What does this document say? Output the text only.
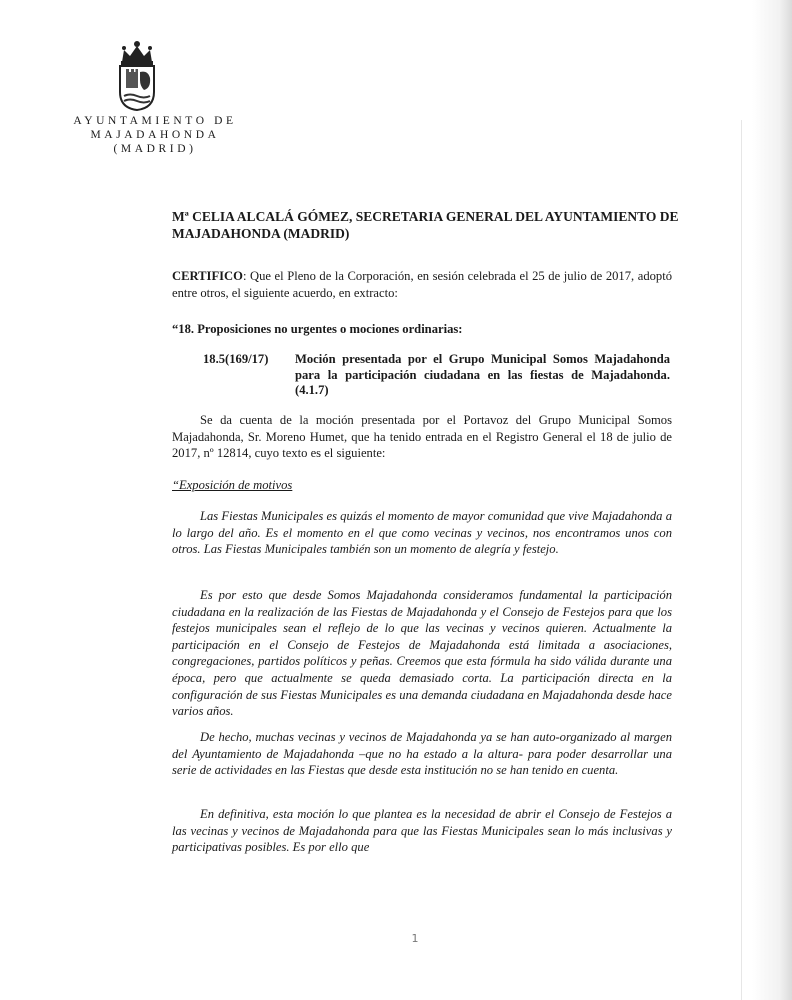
AYUNTAMIENTO DE
MAJADAHONDA
(MADRID)
Mª CELIA ALCALÁ GÓMEZ, SECRETARIA GENERAL DEL AYUNTAMIENTO DE MAJADAHONDA (MADRID)
CERTIFICO: Que el Pleno de la Corporación, en sesión celebrada el 25 de julio de 2017, adoptó entre otros, el siguiente acuerdo, en extracto:
“18. Proposiciones no urgentes o mociones ordinarias:
18.5(169/17) Moción presentada por el Grupo Municipal Somos Majadahonda para la participación ciudadana en las fiestas de Majadahonda. (4.1.7)
Se da cuenta de la moción presentada por el Portavoz del Grupo Municipal Somos Majadahonda, Sr. Moreno Humet, que ha tenido entrada en el Registro General el 18 de julio de 2017, nº 12814, cuyo texto es el siguiente:
“Exposición de motivos
Las Fiestas Municipales es quizás el momento de mayor comunidad que vive Majadahonda a lo largo del año. Es el momento en el que como vecinas y vecinos, nos encontramos unos con otros. Las Fiestas Municipales también son un momento de alegría y festejo.
Es por esto que desde Somos Majadahonda consideramos fundamental la participación ciudadana en la realización de las Fiestas de Majadahonda y el Consejo de Festejos para que los festejos municipales sean el reflejo de lo que las vecinas y vecinos quieren. Actualmente la participación en el Consejo de Festejos de Majadahonda está limitada a asociaciones, congregaciones, partidos políticos y peñas. Creemos que esta fórmula ha sido válida durante una época, pero que actualmente se queda demasiado corta. La participación directa en la configuración de sus Fiestas Municipales es una demanda ciudadana en Majadahonda desde hace varios años.
De hecho, muchas vecinas y vecinos de Majadahonda ya se han auto-organizado al margen del Ayuntamiento de Majadahonda –que no ha estado a la altura- para poder desarrollar una serie de actividades en las Fiestas que desde esta institución no se han tenido en cuenta.
En definitiva, esta moción lo que plantea es la necesidad de abrir el Consejo de Festejos a las vecinas y vecinos de Majadahonda para que las Fiestas Municipales sean lo más inclusivas y participativas posibles. Es por ello que
1
